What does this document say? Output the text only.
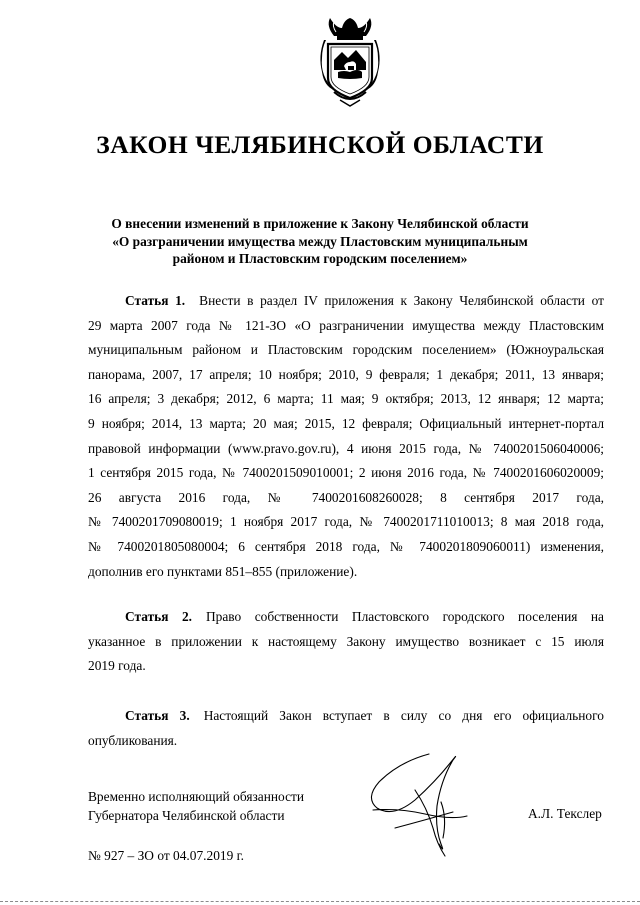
ЗАКОН ЧЕЛЯБИНСКОЙ ОБЛАСТИ
О внесении изменений в приложение к Закону Челябинской области
«О разграничении имущества между Пластовским муниципальным
районом и Пластовским городским поселением»
Статья 1. Внести в раздел IV приложения к Закону Челябинской области от
29 марта 2007 года № 121-ЗО «О разграничении имущества между Пластовским
муниципальным районом и Пластовским городским поселением» (Южноуральская
панорама, 2007, 17 апреля; 10 ноября; 2010, 9 февраля; 1 декабря; 2011, 13 января;
16 апреля; 3 декабря; 2012, 6 марта; 11 мая; 9 октября; 2013, 12 января; 12 марта;
9 ноября; 2014, 13 марта; 20 мая; 2015, 12 февраля; Официальный интернет-портал
правовой информации (www.pravo.gov.ru), 4 июня 2015 года, № 7400201506040006;
1 сентября 2015 года, № 7400201509010001; 2 июня 2016 года, № 7400201606020009;
26 августа 2016 года, № 7400201608260028; 8 сентября 2017 года,
№ 7400201709080019; 1 ноября 2017 года, № 7400201711010013; 8 мая 2018 года,
№ 7400201805080004; 6 сентября 2018 года, № 7400201809060011) изменения,
дополнив его пунктами 851–855 (приложение).
Статья 2. Право собственности Пластовского городского поселения на
указанное в приложении к настоящему Закону имущество возникает с 15 июля
2019 года.
Статья 3. Настоящий Закон вступает в силу со дня его официального
опубликования.
Временно исполняющий обязанности
Губернатора Челябинской области	А.Л. Текслер
№ 927 – ЗО от 04.07.2019 г.
